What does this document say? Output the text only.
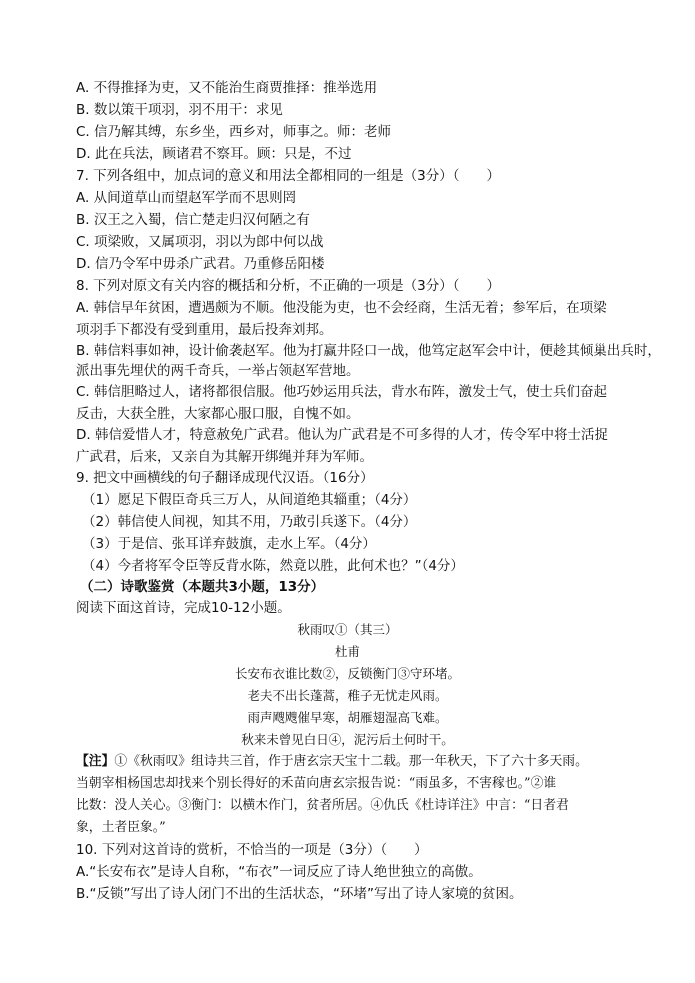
A. 不得推择为吏，又不能治生商贾推择：推举选用
B. 数以策干项羽，羽不用干：求见
C. 信乃解其缚，东乡坐，西乡对，师事之。师：老师
D. 此在兵法，顾诸君不察耳。顾：只是，不过
7. 下列各组中，加点词的意义和用法全都相同的一组是（3分）（　　）
A. 从间道草山而望赵军学而不思则罔
B. 汉王之入蜀，信亡楚走归汉何陋之有
C. 项梁败，又属项羽，羽以为郎中何以战
D. 信乃令军中毋杀广武君。乃重修岳阳楼
8. 下列对原文有关内容的概括和分析，不正确的一项是（3分）（　　）
A. 韩信早年贫困，遭遇颇为不顺。他没能为吏，也不会经商，生活无着；参军后，在项梁
项羽手下都没有受到重用，最后投奔刘邦。
B. 韩信料事如神，设计偷袭赵军。他为打赢井陉口一战，他笃定赵军会中计，便趁其倾巢出兵时，
派出事先埋伏的两千奇兵，一举占领赵军营地。
C. 韩信胆略过人，诸将都很信服。他巧妙运用兵法，背水布阵，激发士气，使士兵们奋起
反击，大获全胜，大家都心服口服，自愧不如。
D. 韩信爱惜人才，特意赦免广武君。他认为广武君是不可多得的人才，传令军中将士活捉
广武君，后来，又亲自为其解开绑绳并拜为军师。
9. 把文中画横线的句子翻译成现代汉语。（16分）
（1）愿足下假臣奇兵三万人，从间道绝其辎重；（4分）
（2）韩信使人间视，知其不用，乃敢引兵遂下。（4分）
（3）于是信、张耳详弃鼓旗，走水上军。（4分）
（4）今者将军令臣等反背水陈，然竟以胜，此何术也？”（4分）
（二）诗歌鉴赏（本题共3小题，13分）
阅读下面这首诗，完成10-12小题。
秋雨叹①（其三）
杜甫
长安布衣谁比数②，反锁衡门③守环堵。
老夫不出长蓬蒿，稚子无忧走风雨。
雨声飕飕催早寒，胡雁翅湿高飞难。
秋来未曾见白日④，泥污后土何时干。
【注】①《秋雨叹》组诗共三首，作于唐玄宗天宝十二载。那一年秋天，下了六十多天雨。
当朝宰相杨国忠却找来个别长得好的禾苗向唐玄宗报告说：“雨虽多，不害稼也。”②谁
比数：没人关心。③衡门：以横木作门，贫者所居。④仇氏《杜诗详注》中言：“日者君
象，土者臣象。”
10. 下列对这首诗的赏析，不恰当的一项是（3分）（　　）
A.“长安布衣”是诗人自称，“布衣”一词反应了诗人绝世独立的高傲。
B.“反锁”写出了诗人闭门不出的生活状态，“环堵”写出了诗人家境的贫困。
